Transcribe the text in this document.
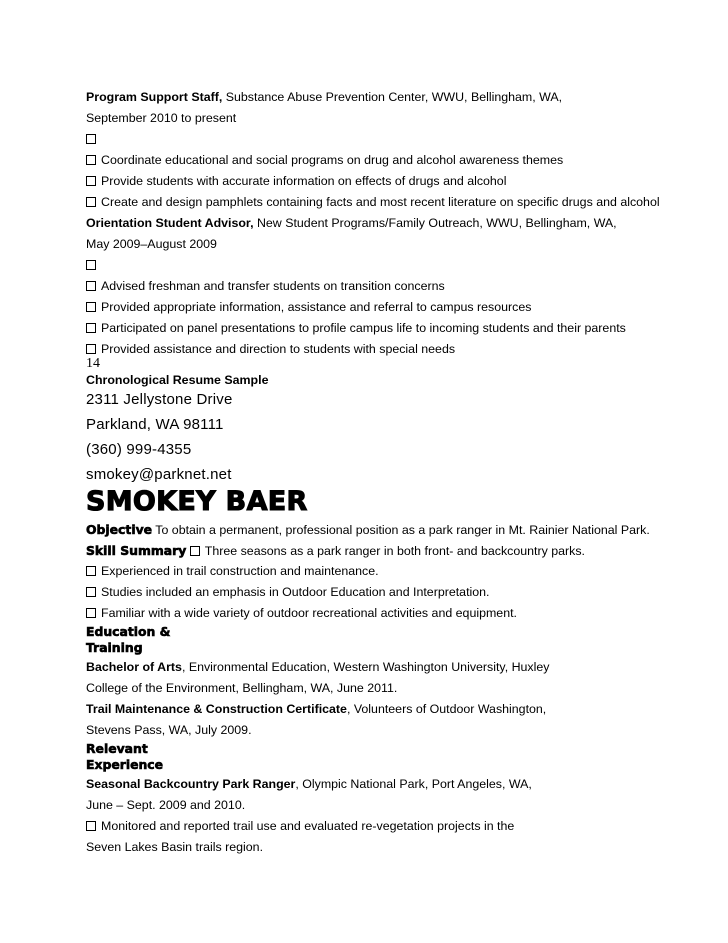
Program Support Staff, Substance Abuse Prevention Center, WWU, Bellingham, WA,
September 2010 to present
Coordinate educational and social programs on drug and alcohol awareness themes
Provide students with accurate information on effects of drugs and alcohol
Create and design pamphlets containing facts and most recent literature on specific drugs and alcohol
Orientation Student Advisor, New Student Programs/Family Outreach, WWU, Bellingham, WA,
May 2009–August 2009
Advised freshman and transfer students on transition concerns
Provided appropriate information, assistance and referral to campus resources
Participated on panel presentations to profile campus life to incoming students and their parents
Provided assistance and direction to students with special needs
14
Chronological Resume Sample
2311 Jellystone Drive
Parkland, WA 98111
(360) 999-4355
smokey@parknet.net
SMOKEY BAER
Objective To obtain a permanent, professional position as a park ranger in Mt. Rainier National Park.
Skill Summary Three seasons as a park ranger in both front- and backcountry parks.
Experienced in trail construction and maintenance.
Studies included an emphasis in Outdoor Education and Interpretation.
Familiar with a wide variety of outdoor recreational activities and equipment.
Education &
Training
Bachelor of Arts, Environmental Education, Western Washington University, Huxley
College of the Environment, Bellingham, WA, June 2011.
Trail Maintenance & Construction Certificate, Volunteers of Outdoor Washington,
Stevens Pass, WA, July 2009.
Relevant
Experience
Seasonal Backcountry Park Ranger, Olympic National Park, Port Angeles, WA,
June – Sept. 2009 and 2010.
Monitored and reported trail use and evaluated re-vegetation projects in the
Seven Lakes Basin trails region.
